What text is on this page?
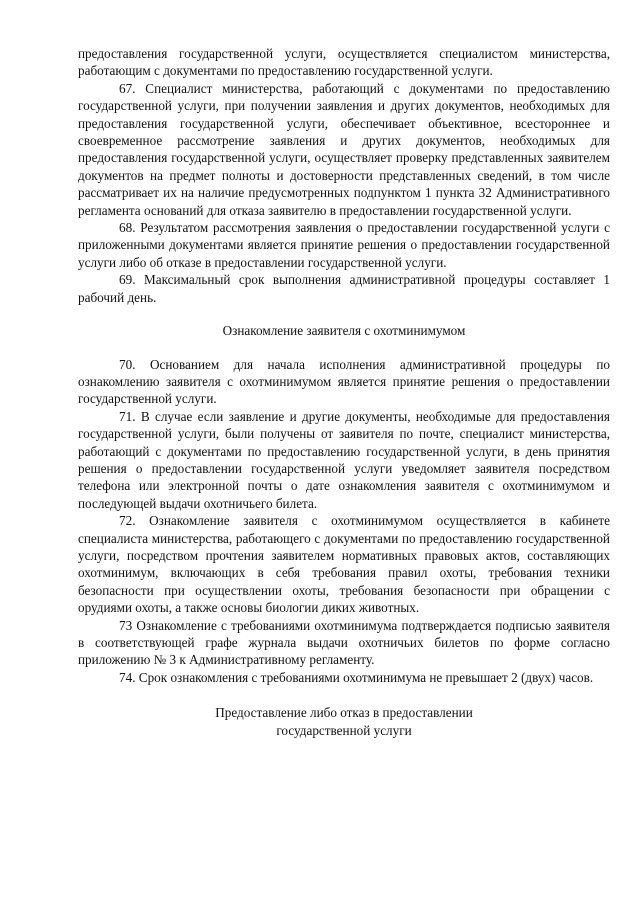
предоставления государственной услуги, осуществляется специалистом министерства, работающим с документами по предоставлению государственной услуги.

67. Специалист министерства, работающий с документами по предоставлению государственной услуги, при получении заявления и других документов, необходимых для предоставления государственной услуги, обеспечивает объективное, всестороннее и своевременное рассмотрение заявления и других документов, необходимых для предоставления государственной услуги, осуществляет проверку представленных заявителем документов на предмет полноты и достоверности представленных сведений, в том числе рассматривает их на наличие предусмотренных подпунктом 1 пункта 32 Административного регламента оснований для отказа заявителю в предоставлении государственной услуги.

68. Результатом рассмотрения заявления о предоставлении государственной услуги с приложенными документами является принятие решения о предоставлении государственной услуги либо об отказе в предоставлении государственной услуги.

69. Максимальный срок выполнения административной процедуры составляет 1 рабочий день.

Ознакомление заявителя с охотминимумом

70. Основанием для начала исполнения административной процедуры по ознакомлению заявителя с охотминимумом является принятие решения о предоставлении государственной услуги.

71. В случае если заявление и другие документы, необходимые для предоставления государственной услуги, были получены от заявителя по почте, специалист министерства, работающий с документами по предоставлению государственной услуги, в день принятия решения о предоставлении государственной услуги уведомляет заявителя посредством телефона или электронной почты о дате ознакомления заявителя с охотминимумом и последующей выдачи охотничьего билета.

72. Ознакомление заявителя с охотминимумом осуществляется в кабинете специалиста министерства, работающего с документами по предоставлению государственной услуги, посредством прочтения заявителем нормативных правовых актов, составляющих охотминимум, включающих в себя требования правил охоты, требования техники безопасности при осуществлении охоты, требования безопасности при обращении с орудиями охоты, а также основы биологии диких животных.

73 Ознакомление с требованиями охотминимума подтверждается подписью заявителя в соответствующей графе журнала выдачи охотничьих билетов по форме согласно приложению № 3 к Административному регламенту.

74. Срок ознакомления с требованиями охотминимума не превышает 2 (двух) часов.

Предоставление либо отказ в предоставлении

государственной услуги
